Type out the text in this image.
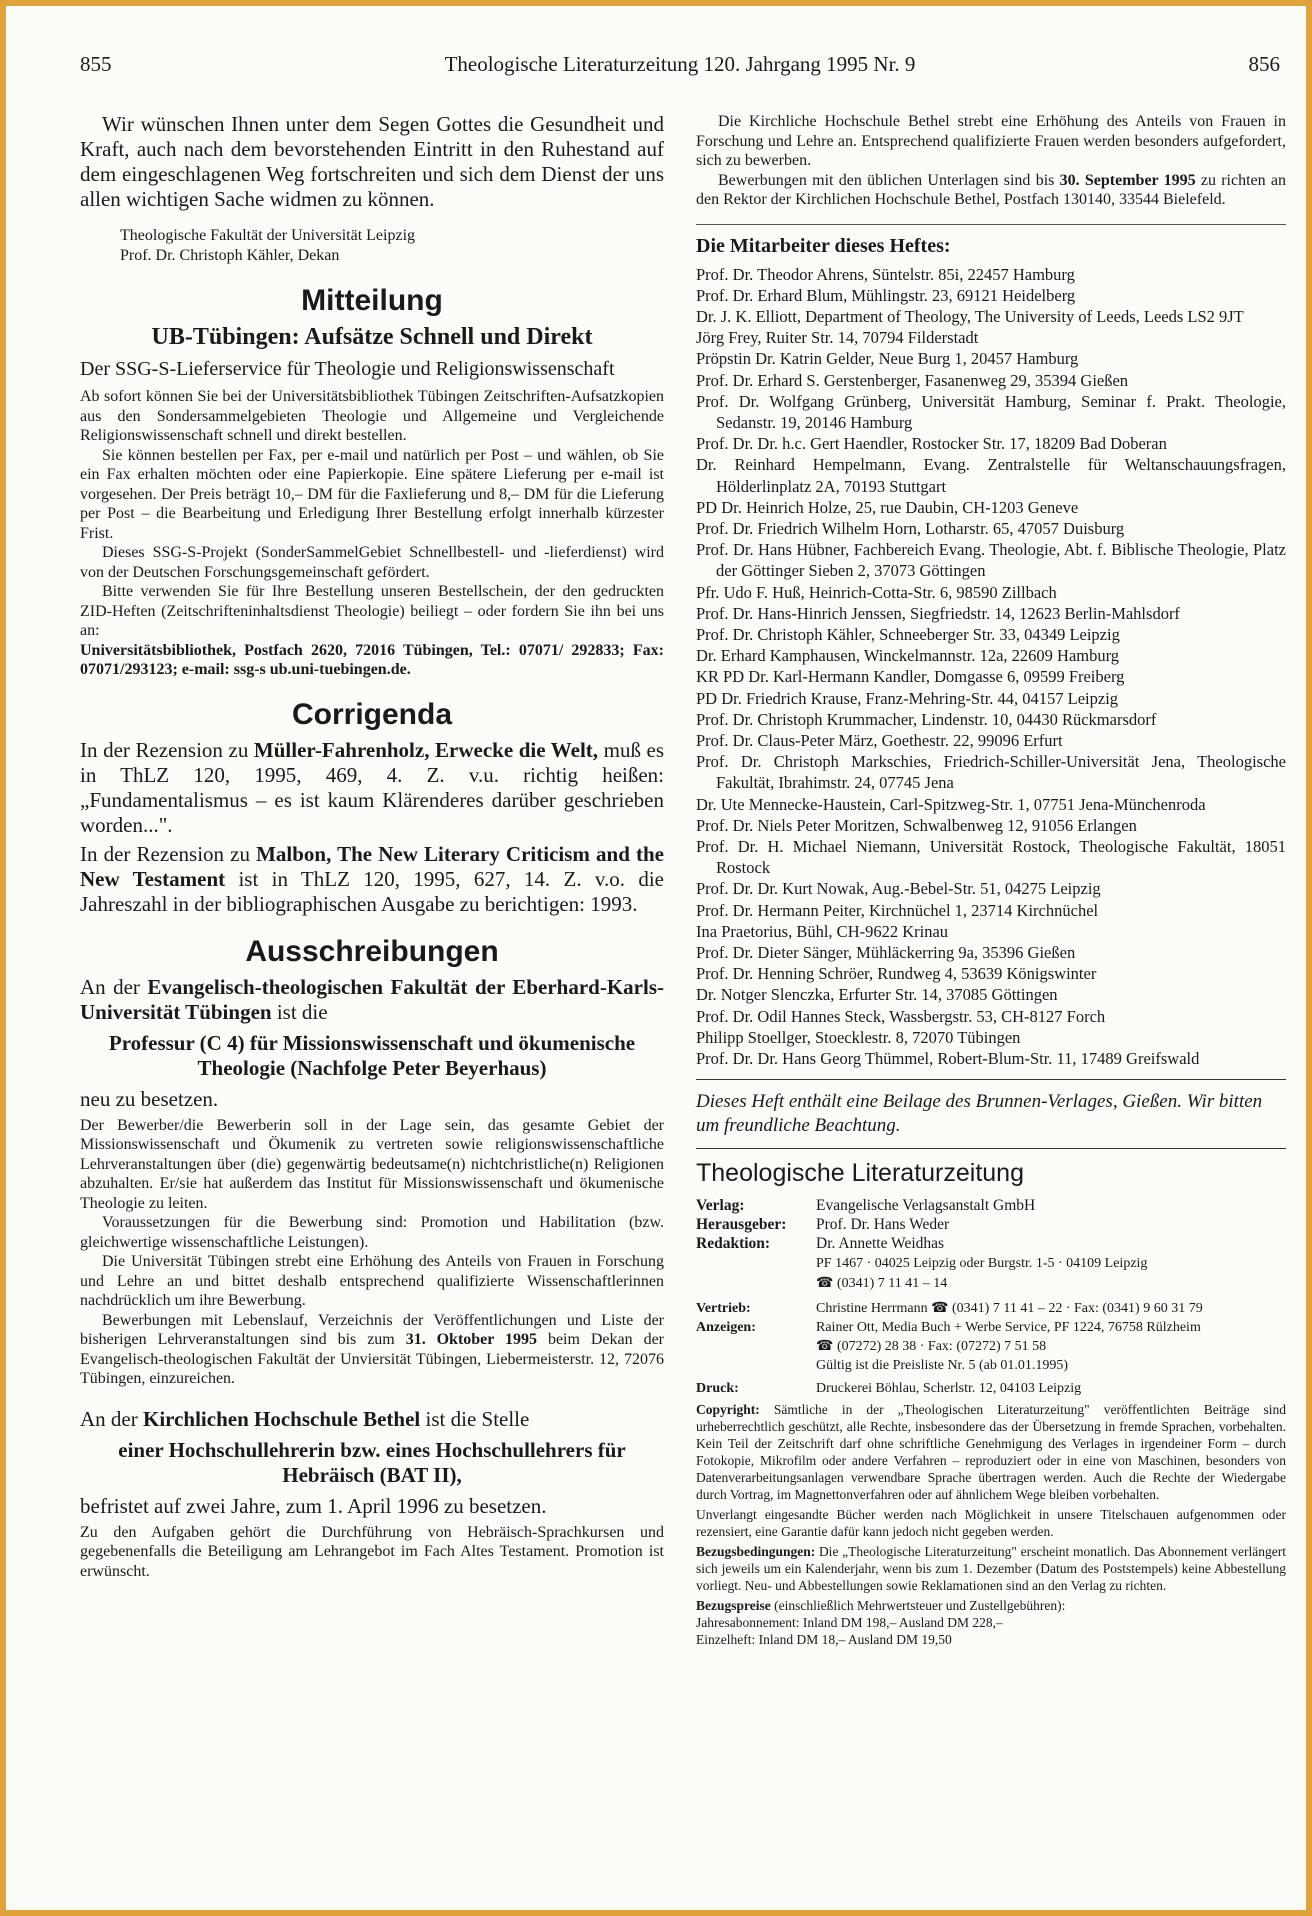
855	Theologische Literaturzeitung 120. Jahrgang 1995 Nr. 9	856

Wir wünschen Ihnen unter dem Segen Gottes die Gesundheit und Kraft, auch nach dem bevorstehenden Eintritt in den Ruhestand auf dem eingeschlagenen Weg fortschreiten und sich dem Dienst der uns allen wichtigen Sache widmen zu können.

Theologische Fakultät der Universität Leipzig
Prof. Dr. Christoph Kähler, Dekan
Mitteilung
UB-Tübingen: Aufsätze Schnell und Direkt

Der SSG-S-Lieferservice für Theologie und Religionswissenschaft

Ab sofort können Sie bei der Universitätsbibliothek Tübingen Zeitschriften-Aufsatzkopien aus den Sondersammelgebieten Theologie und Allgemeine und Vergleichende Religionswissenschaft schnell und direkt bestellen.

Sie können bestellen per Fax, per e-mail und natürlich per Post – und wählen, ob Sie ein Fax erhalten möchten oder eine Papierkopie. Eine spätere Lieferung per e-mail ist vorgesehen. Der Preis beträgt 10,– DM für die Faxlieferung und 8,– DM für die Lieferung per Post – die Bearbeitung und Erledigung Ihrer Bestellung erfolgt innerhalb kürzester Frist.

Dieses SSG-S-Projekt (SonderSammelGebiet Schnellbestell- und -lieferdienst) wird von der Deutschen Forschungsgemeinschaft gefördert.

Bitte verwenden Sie für Ihre Bestellung unseren Bestellschein, der den gedruckten ZID-Heften (Zeitschrifteninhaltsdienst Theologie) beiliegt – oder fordern Sie ihn bei uns an:

Universitätsbibliothek, Postfach 2620, 72016 Tübingen, Tel.: 07071/ 292833; Fax: 07071/293123; e-mail: ssg-s ub.uni-tuebingen.de.

Corrigenda

In der Rezension zu Müller-Fahrenholz, Erwecke die Welt, muß es in ThLZ 120, 1995, 469, 4. Z. v.u. richtig heißen: „Fundamentalismus – es ist kaum Klärenderes darüber geschrieben worden...".

In der Rezension zu Malbon, The New Literary Criticism and the New Testament ist in ThLZ 120, 1995, 627, 14. Z. v.o. die Jahreszahl in der bibliographischen Ausgabe zu berichtigen: 1993.

Ausschreibungen

An der Evangelisch-theologischen Fakultät der Eberhard-Karls-Universität Tübingen ist die

Professur (C 4) für Missionswissenschaft und ökumenische Theologie (Nachfolge Peter Beyerhaus)

neu zu besetzen.

Der Bewerber/die Bewerberin soll in der Lage sein, das gesamte Gebiet der Missionswissenschaft und Ökumenik zu vertreten sowie religionswissenschaftliche Lehrveranstaltungen über (die) gegenwärtig bedeutsame(n) nichtchristliche(n) Religionen abzuhalten. Er/sie hat außerdem das Institut für Missionswissenschaft und ökumenische Theologie zu leiten.

Voraussetzungen für die Bewerbung sind: Promotion und Habilitation (bzw. gleichwertige wissenschaftliche Leistungen).

Die Universität Tübingen strebt eine Erhöhung des Anteils von Frauen in Forschung und Lehre an und bittet deshalb entsprechend qualifizierte Wissenschaftlerinnen nachdrücklich um ihre Bewerbung.

Bewerbungen mit Lebenslauf, Verzeichnis der Veröffentlichungen und Liste der bisherigen Lehrveranstaltungen sind bis zum 31. Oktober 1995 beim Dekan der Evangelisch-theologischen Fakultät der Unviersität Tübingen, Liebermeisterstr. 12, 72076 Tübingen, einzureichen.

An der Kirchlichen Hochschule Bethel ist die Stelle

einer Hochschullehrerin bzw. eines Hochschullehrers für Hebräisch (BAT II),

befristet auf zwei Jahre, zum 1. April 1996 zu besetzen.

Zu den Aufgaben gehört die Durchführung von Hebräisch-Sprachkursen und gegebenenfalls die Beteiligung am Lehrangebot im Fach Altes Testament. Promotion ist erwünscht.

Die Kirchliche Hochschule Bethel strebt eine Erhöhung des Anteils von Frauen in Forschung und Lehre an. Entsprechend qualifizierte Frauen werden besonders aufgefordert, sich zu bewerben.

Bewerbungen mit den üblichen Unterlagen sind bis 30. September 1995 zu richten an den Rektor der Kirchlichen Hochschule Bethel, Postfach 130140, 33544 Bielefeld.

Die Mitarbeiter dieses Heftes:
Prof. Dr. Theodor Ahrens, Süntelstr. 85i, 22457 Hamburg
Prof. Dr. Erhard Blum, Mühlingstr. 23, 69121 Heidelberg
Dr. J. K. Elliott, Department of Theology, The University of Leeds, Leeds LS2 9JT
Jörg Frey, Ruiter Str. 14, 70794 Filderstadt
Pröpstin Dr. Katrin Gelder, Neue Burg 1, 20457 Hamburg
Prof. Dr. Erhard S. Gerstenberger, Fasanenweg 29, 35394 Gießen
Prof. Dr. Wolfgang Grünberg, Universität Hamburg, Seminar f. Prakt. Theologie, Sedanstr. 19, 20146 Hamburg
Prof. Dr. Dr. h.c. Gert Haendler, Rostocker Str. 17, 18209 Bad Doberan
Dr. Reinhard Hempelmann, Evang. Zentralstelle für Weltanschauungsfragen, Hölderlinplatz 2A, 70193 Stuttgart
PD Dr. Heinrich Holze, 25, rue Daubin, CH-1203 Geneve
Prof. Dr. Friedrich Wilhelm Horn, Lotharstr. 65, 47057 Duisburg
Prof. Dr. Hans Hübner, Fachbereich Evang. Theologie, Abt. f. Biblische Theologie, Platz der Göttinger Sieben 2, 37073 Göttingen
Pfr. Udo F. Huß, Heinrich-Cotta-Str. 6, 98590 Zillbach
Prof. Dr. Hans-Hinrich Jenssen, Siegfriedstr. 14, 12623 Berlin-Mahlsdorf
Prof. Dr. Christoph Kähler, Schneeberger Str. 33, 04349 Leipzig
Dr. Erhard Kamphausen, Winckelmannstr. 12a, 22609 Hamburg
KR PD Dr. Karl-Hermann Kandler, Domgasse 6, 09599 Freiberg
PD Dr. Friedrich Krause, Franz-Mehring-Str. 44, 04157 Leipzig
Prof. Dr. Christoph Krummacher, Lindenstr. 10, 04430 Rückmarsdorf
Prof. Dr. Claus-Peter März, Goethestr. 22, 99096 Erfurt
Prof. Dr. Christoph Markschies, Friedrich-Schiller-Universität Jena, Theologische Fakultät, Ibrahimstr. 24, 07745 Jena
Dr. Ute Mennecke-Haustein, Carl-Spitzweg-Str. 1, 07751 Jena-Münchenroda
Prof. Dr. Niels Peter Moritzen, Schwalbenweg 12, 91056 Erlangen
Prof. Dr. H. Michael Niemann, Universität Rostock, Theologische Fakultät, 18051 Rostock
Prof. Dr. Dr. Kurt Nowak, Aug.-Bebel-Str. 51, 04275 Leipzig
Prof. Dr. Hermann Peiter, Kirchnüchel 1, 23714 Kirchnüchel
Ina Praetorius, Bühl, CH-9622 Krinau
Prof. Dr. Dieter Sänger, Mühläckerring 9a, 35396 Gießen
Prof. Dr. Henning Schröer, Rundweg 4, 53639 Königswinter
Dr. Notger Slenczka, Erfurter Str. 14, 37085 Göttingen
Prof. Dr. Odil Hannes Steck, Wassbergstr. 53, CH-8127 Forch
Philipp Stoellger, Stoecklestr. 8, 72070 Tübingen
Prof. Dr. Dr. Hans Georg Thümmel, Robert-Blum-Str. 11, 17489 Greifswald

Dieses Heft enthält eine Beilage des Brunnen-Verlages, Gießen. Wir bitten um freundliche Beachtung.

Theologische Literaturzeitung
Verlag:	Evangelische Verlagsanstalt GmbH
Herausgeber:	Prof. Dr. Hans Weder
Redaktion:	Dr. Annette Weidhas
PF 1467 · 04025 Leipzig oder Burgstr. 1-5 · 04109 Leipzig
☎ (0341) 7 11 41 – 14
Vertrieb:	Christine Herrmann ☎ (0341) 7 11 41 – 22 · Fax: (0341) 9 60 31 79
Anzeigen:	Rainer Ott, Media Buch + Werbe Service, PF 1224, 76758 Rülzheim
☎ (07272) 28 38 · Fax: (07272) 7 51 58
Gültig ist die Preisliste Nr. 5 (ab 01.01.1995)
Druck:	Druckerei Böhlau, Scherlstr. 12, 04103 Leipzig

Copyright: Sämtliche in der „Theologischen Literaturzeitung" veröffentlichten Beiträge sind urheberrechtlich geschützt, alle Rechte, insbesondere das der Übersetzung in fremde Sprachen, vorbehalten. Kein Teil der Zeitschrift darf ohne schriftliche Genehmigung des Verlages in irgendeiner Form – durch Fotokopie, Mikrofilm oder andere Verfahren – reproduziert oder in eine von Maschinen, besonders von Datenverarbeitungsanlagen verwendbare Sprache übertragen werden. Auch die Rechte der Wiedergabe durch Vortrag, im Magnettonverfahren oder auf ähnlichem Wege bleiben vorbehalten.

Unverlangt eingesandte Bücher werden nach Möglichkeit in unsere Titelschauen aufgenommen oder rezensiert, eine Garantie dafür kann jedoch nicht gegeben werden.

Bezugsbedingungen: Die „Theologische Literaturzeitung" erscheint monatlich. Das Abonnement verlängert sich jeweils um ein Kalenderjahr, wenn bis zum 1. Dezember (Datum des Poststempels) keine Abbestellung vorliegt. Neu- und Abbestellungen sowie Reklamationen sind an den Verlag zu richten.

Bezugspreise (einschließlich Mehrwertsteuer und Zustellgebühren):
Jahresabonnement: Inland DM 198,– Ausland DM 228,–
Einzelheft: Inland DM 18,– Ausland DM 19,50
